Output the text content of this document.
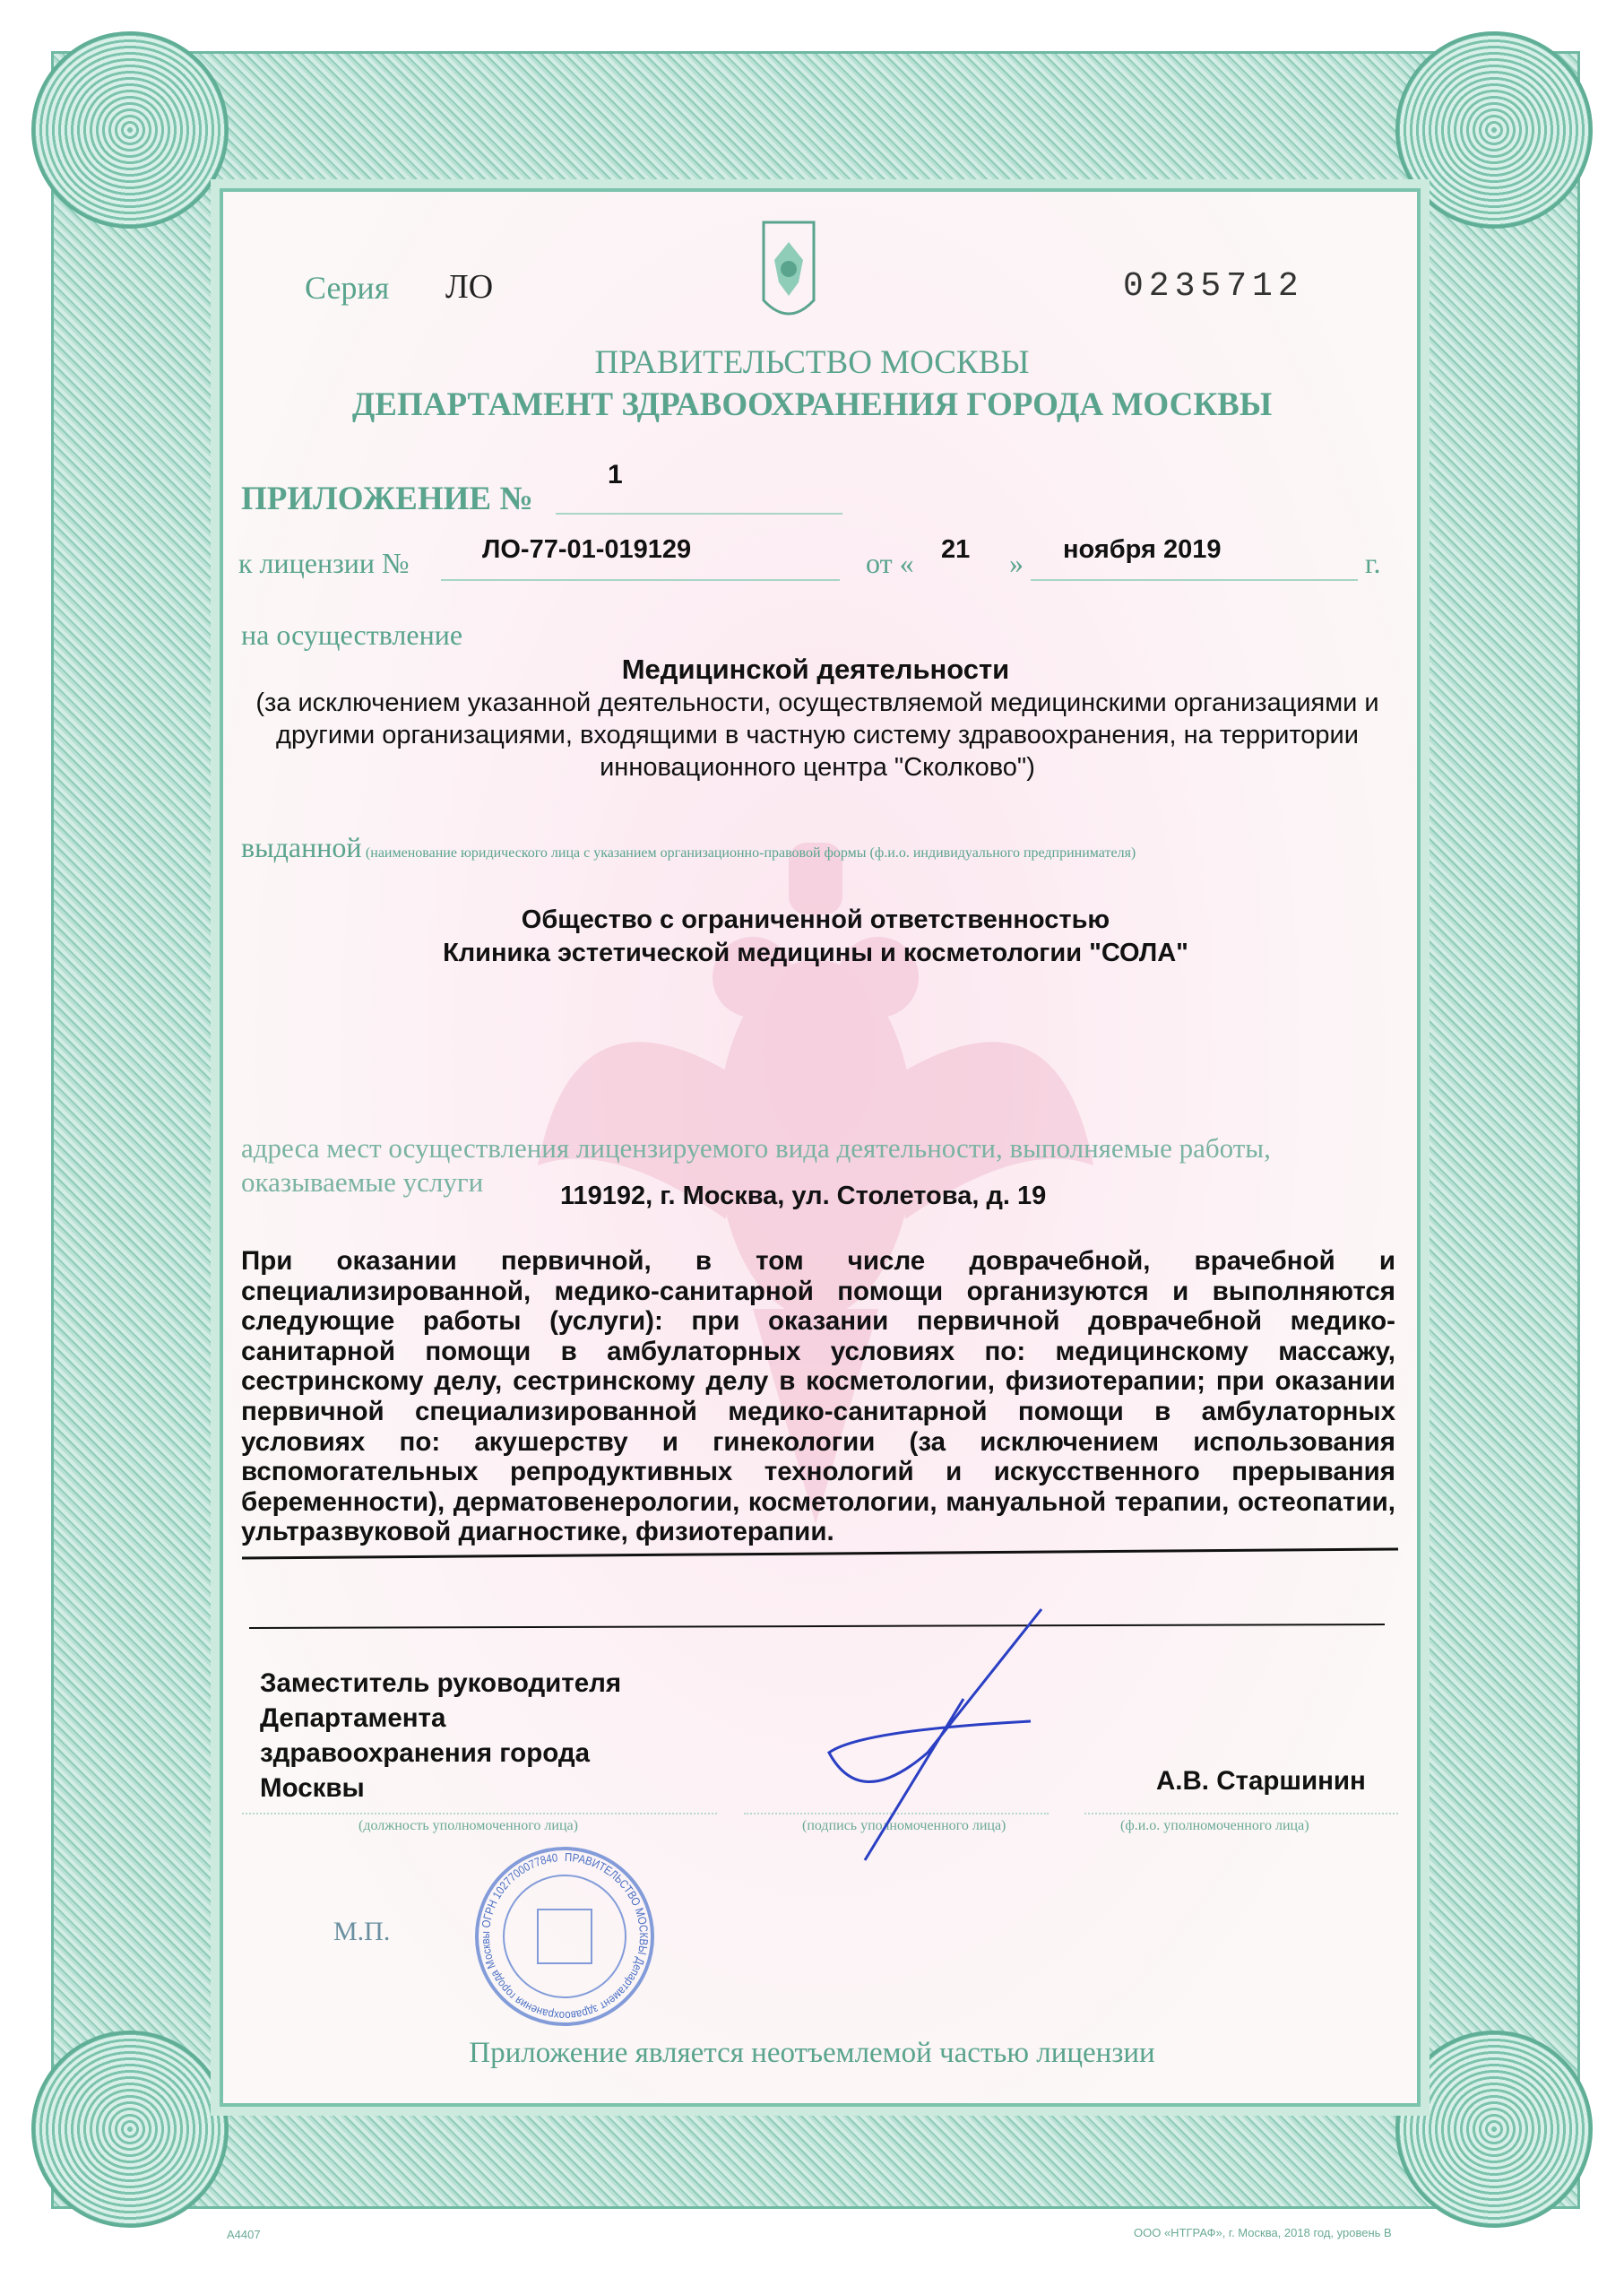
Серия ЛО	0235712
ПРАВИТЕЛЬСТВО МОСКВЫ
ДЕПАРТАМЕНТ ЗДРАВООХРАНЕНИЯ ГОРОДА МОСКВЫ
ПРИЛОЖЕНИЕ №
1
к лицензии №	ЛО-77-01-019129	от « 21 » ноября 2019	г.
на осуществление
Медицинской деятельности
(за исключением указанной деятельности, осуществляемой медицинскими организациями и другими организациями, входящими в частную систему здравоохранения, на территории инновационного центра "Сколково")
выданной (наименование юридического лица с указанием организационно-правовой формы (ф.и.о. индивидуального предпринимателя)
Общество с ограниченной ответственностью
Клиника эстетической медицины и косметологии "СОЛА"
адреса мест осуществления лицензируемого вида деятельности, выполняемые работы,
оказываемые услуги	119192, г. Москва, ул. Столетова, д. 19
При оказании первичной, в том числе доврачебной, врачебной и специализированной, медико-санитарной помощи организуются и выполняются следующие работы (услуги): при оказании первичной доврачебной медико-санитарной помощи в амбулаторных условиях по: медицинскому массажу, сестринскому делу, сестринскому делу в косметологии, физиотерапии; при оказании первичной специализированной медико-санитарной помощи в амбулаторных условиях по: акушерству и гинекологии (за исключением использования вспомогательных репродуктивных технологий и искусственного прерывания беременности), дерматовенерологии, косметологии, мануальной терапии, остеопатии, ультразвуковой диагностике, физиотерапии.
Заместитель руководителя
Департамента
здравоохранения города
Москвы	А.В. Старшинин
(должность уполномоченного лица)	(подпись уполномоченного лица)	(ф.и.о. уполномоченного лица)
ПРАВИТЕЛЬСТВО МОСКВЫ Департамент здравоохранения города Москвы ОГРН 1027700077840
М.П.
Приложение является неотъемлемой частью лицензии
А4407	ООО «НТГРАФ», г. Москва, 2018 год, уровень В
